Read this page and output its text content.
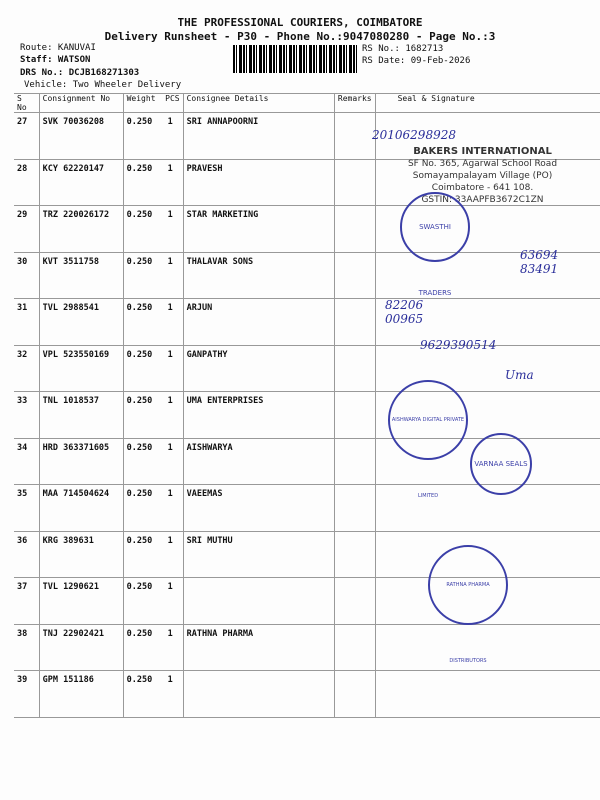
THE PROFESSIONAL COURIERS, COIMBATORE
Delivery Runsheet - P30 - Phone No.:9047080280 - Page No.:3
Route: KANUVAI
Staff: WATSON
DRS No.: DCJB168271303
Vehicle: Two Wheeler Delivery
RS No.: 1682713
RS Date: 09-Feb-2026
S No	Consignment No	Weight PCS	Consignee Details	Remarks	Seal & Signature
27	SVK 70036208	0.250 1	SRI ANNAPOORNI		
28	KCY 62220147	0.250 1	PRAVESH		
29	TRZ 220026172	0.250 1	STAR MARKETING		
30	KVT 3511758	0.250 1	THALAVAR SONS		
31	TVL 2988541	0.250 1	ARJUN		
32	VPL 523550169	0.250 1	GANPATHY		
33	TNL 1018537	0.250 1	UMA ENTERPRISES		
34	HRD 363371605	0.250 1	AISHWARYA		
35	MAA 714504624	0.250 1	VAEEMAS		
36	KRG 389631	0.250 1	SRI MUTHU		
37	TVL 1290621	0.250 1			
38	TNJ 22902421	0.250 1	RATHNA PHARMA		
39	GPM 151186	0.250 1			
BAKERS INTERNATIONAL
SF No. 365, Agarwal School Road
Somayampalayam Village (PO)
Coimbatore - 641 108.
GSTIN: 33AAPFB3672C1ZN
SWASTHI TRADERS
AISHWARYA DIGITAL PRIVATE LIMITED
VARNAA SEALS
RATHNA PHARMA DISTRIBUTORS
20106298928
63694 83491
82206 00965
9629390514
Uma
